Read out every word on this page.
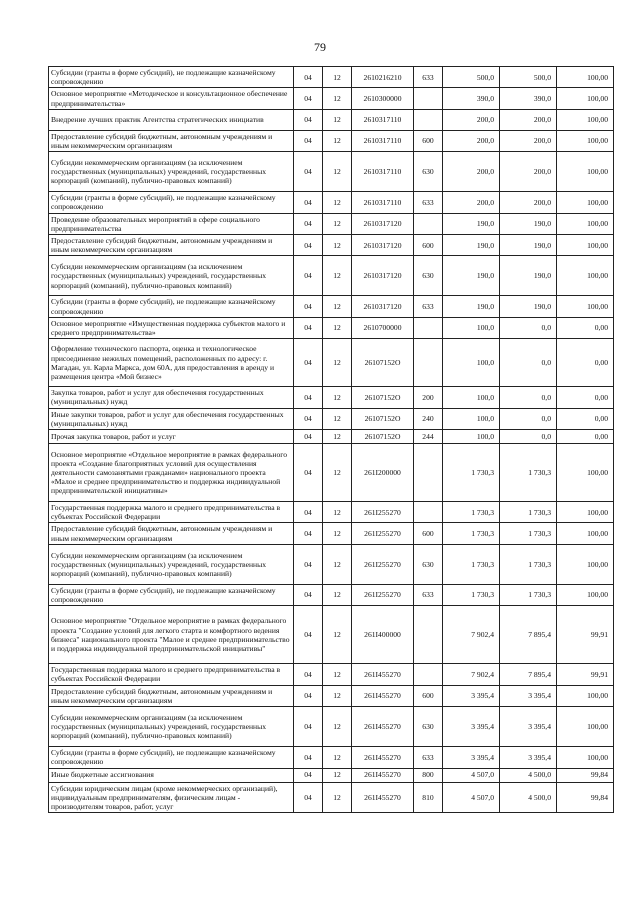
79
Субсидии (гранты в форме субсидий), не подлежащие казначейскому сопровождению	04	12	2610216210	633	500,0	500,0	100,00
Основное мероприятие «Методическое и консультационное обеспечение предпринимательства»	04	12	2610300000		390,0	390,0	100,00
Внедрение лучших практик Агентства стратегических инициатив	04	12	2610317110		200,0	200,0	100,00
Предоставление субсидий бюджетным, автономным учреждениям и иным некоммерческим организациям	04	12	2610317110	600	200,0	200,0	100,00
Субсидии некоммерческим организациям (за исключением государственных (муниципальных) учреждений, государственных корпораций (компаний), публично-правовых компаний)	04	12	2610317110	630	200,0	200,0	100,00
Субсидии (гранты в форме субсидий), не подлежащие казначейскому сопровождению	04	12	2610317110	633	200,0	200,0	100,00
Проведение образовательных мероприятий в сфере социального предпринимательства	04	12	2610317120		190,0	190,0	100,00
Предоставление субсидий бюджетным, автономным учреждениям и иным некоммерческим организациям	04	12	2610317120	600	190,0	190,0	100,00
Субсидии некоммерческим организациям (за исключением государственных (муниципальных) учреждений, государственных корпораций (компаний), публично-правовых компаний)	04	12	2610317120	630	190,0	190,0	100,00
Субсидии (гранты в форме субсидий), не подлежащие казначейскому сопровождению	04	12	2610317120	633	190,0	190,0	100,00
Основное мероприятие «Имущественная поддержка субъектов малого и среднего предпринимательства»	04	12	2610700000		100,0	0,0	0,00
Оформление технического паспорта, оценка и технологическое присоединение нежилых помещений, расположенных по адресу: г. Магадан, ул. Карла Маркса, дом 60А, для предоставления в аренду и размещения центра «Мой бизнес»	04	12	26107152О		100,0	0,0	0,00
Закупка товаров, работ и услуг для обеспечения государственных (муниципальных) нужд	04	12	26107152О	200	100,0	0,0	0,00
Иные закупки товаров, работ и услуг для обеспечения государственных (муниципальных) нужд	04	12	26107152О	240	100,0	0,0	0,00
Прочая закупка товаров, работ и услуг	04	12	26107152О	244	100,0	0,0	0,00
Основное мероприятие «Отдельное мероприятие в рамках федерального проекта «Создание благоприятных условий для осуществления деятельности самозанятыми гражданами» национального проекта «Малое и среднее предпринимательство и поддержка индивидуальной предпринимательской инициативы»	04	12	261I200000		1 730,3	1 730,3	100,00
Государственная поддержка малого и среднего предпринимательства в субъектах Российской Федерации	04	12	261I255270		1 730,3	1 730,3	100,00
Предоставление субсидий бюджетным, автономным учреждениям и иным некоммерческим организациям	04	12	261I255270	600	1 730,3	1 730,3	100,00
Субсидии некоммерческим организациям (за исключением государственных (муниципальных) учреждений, государственных корпораций (компаний), публично-правовых компаний)	04	12	261I255270	630	1 730,3	1 730,3	100,00
Субсидии (гранты в форме субсидий), не подлежащие казначейскому сопровождению	04	12	261I255270	633	1 730,3	1 730,3	100,00
Основное мероприятие "Отдельное мероприятие в рамках федерального проекта "Создание условий для легкого старта и комфортного ведения бизнеса" национального проекта "Малое и среднее предпринимательство и поддержка индивидуальной предпринимательской инициативы"	04	12	261I400000		7 902,4	7 895,4	99,91
Государственная поддержка малого и среднего предпринимательства в субъектах Российской Федерации	04	12	261I455270		7 902,4	7 895,4	99,91
Предоставление субсидий бюджетным, автономным учреждениям и иным некоммерческим организациям	04	12	261I455270	600	3 395,4	3 395,4	100,00
Субсидии некоммерческим организациям (за исключением государственных (муниципальных) учреждений, государственных корпораций (компаний), публично-правовых компаний)	04	12	261I455270	630	3 395,4	3 395,4	100,00
Субсидии (гранты в форме субсидий), не подлежащие казначейскому сопровождению	04	12	261I455270	633	3 395,4	3 395,4	100,00
Иные бюджетные ассигнования	04	12	261I455270	800	4 507,0	4 500,0	99,84
Субсидии юридическим лицам (кроме некоммерческих организаций), индивидуальным предпринимателям, физическим лицам - производителям товаров, работ, услуг	04	12	261I455270	810	4 507,0	4 500,0	99,84
